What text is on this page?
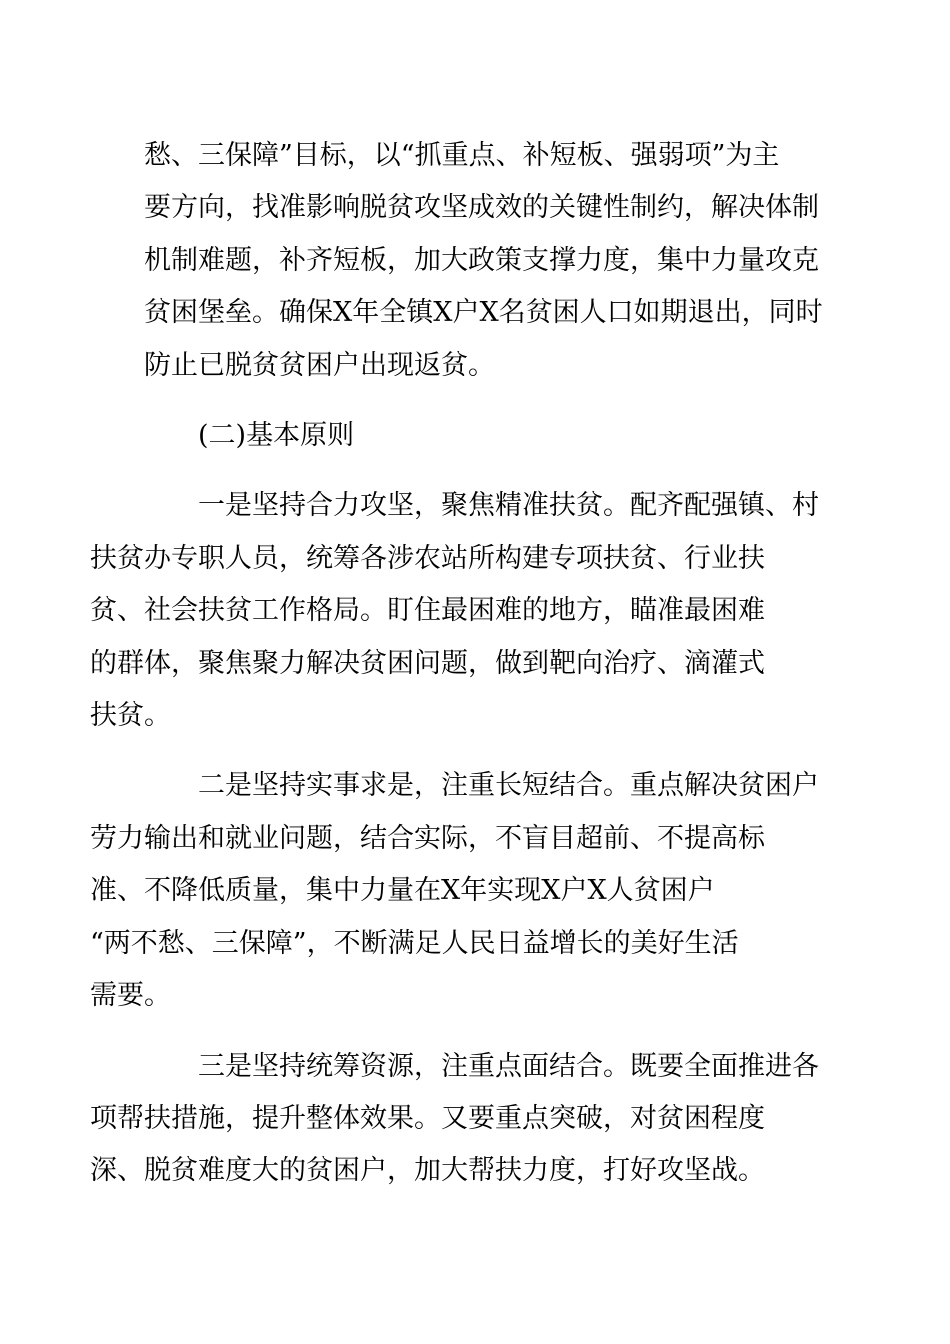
愁、三保障”目标，以“抓重点、补短板、强弱项”为主
要方向，找准影响脱贫攻坚成效的关键性制约，解决体制
机制难题，补齐短板，加大政策支撑力度，集中力量攻克
贫困堡垒。确保X年全镇X户X名贫困人口如期退出，同时
防止已脱贫贫困户出现返贫。

(二)基本原则

一是坚持合力攻坚，聚焦精准扶贫。配齐配强镇、村
扶贫办专职人员，统筹各涉农站所构建专项扶贫、行业扶
贫、社会扶贫工作格局。盯住最困难的地方，瞄准最困难
的群体，聚焦聚力解决贫困问题，做到靶向治疗、滴灌式
扶贫。

二是坚持实事求是，注重长短结合。重点解决贫困户
劳力输出和就业问题，结合实际，不盲目超前、不提高标
准、不降低质量，集中力量在X年实现X户X人贫困户
“两不愁、三保障”，不断满足人民日益增长的美好生活
需要。

三是坚持统筹资源，注重点面结合。既要全面推进各
项帮扶措施，提升整体效果。又要重点突破，对贫困程度
深、脱贫难度大的贫困户，加大帮扶力度，打好攻坚战。
